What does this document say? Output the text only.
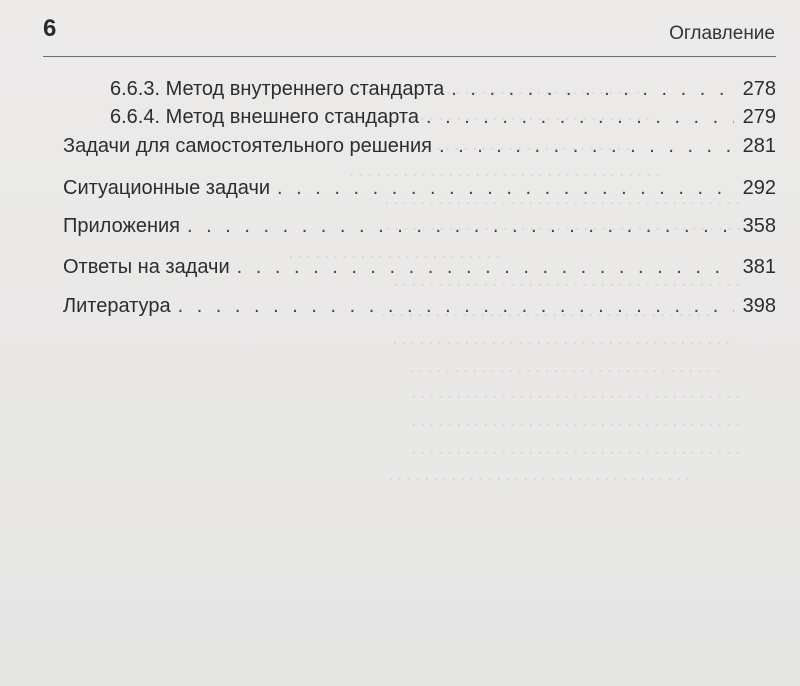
. . . . . . . . . . . . . . . . . . . . . . . . . . . . . . .
. . . . . . . . . . . . . . . . . . . . . . . . . . . . . . . . .
. . . . . . . . . . . . . . . . . . . . . . . . . . . . . . .
. . . . . . . . . . . . . . . . . . . . . . . . . . . . . . . . . . .
. . . . . . . . . . . . . . . . . . . . . . . . . . . . . . . . . . . . . . . .
. . . . . . . . . . . . . . . . . . . . . . . . . . . . . . . . . . . . . . . . .
. . . . . . . . . . . . . . . . . . . . . . . .
. . . . . . . . . . . . . . . . . . . . . . . . . . . . . . . . . . . . . . .
. . . . . . . . . . . . . . . . . . . . . . . . . . . . . . . . . . . . .
. . . . . . . . . . . . . . . . . . . . . . . . . . . . . . . . . . . . . .
. . . . . . . . . . . . . . . . . . . . . . . . . . . . . . . . . . .
. . . . . . . . . . . . . . . . . . . . . . . . . . . . . . . . . . . . .
. . . . . . . . . . . . . . . . . . . . . . . . . . . . . . . . . . . . .
. . . . . . . . . . . . . . . . . . . . . . . . . . . . . . . . . . . . .
. . . . . . . . . . . . . . . . . . . . . . . . . . . . . . . . . .
6	Оглавление
6.6.3. Метод внутреннего стандарта . . .	278
6.6.4. Метод внешнего стандарта . . .	279
Задачи для самостоятельного решения . . .	281
Ситуационные задачи . . .	292
Приложения . . .	358
Ответы на задачи . . .	381
Литература . . .	398
